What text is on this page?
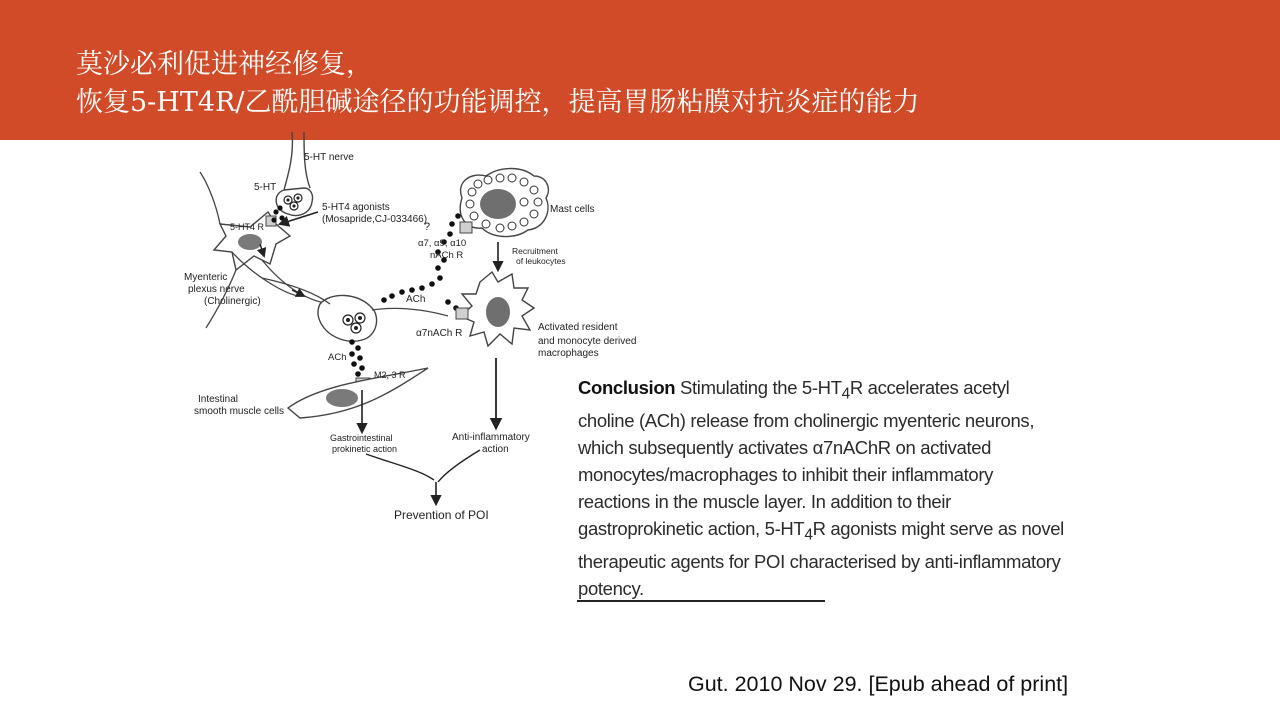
莫沙必利促进神经修复，
恢复5-HT4R/乙酰胆碱途径的功能调控，提高胃肠粘膜对抗炎症的能力
5-HT nerve
5-HT
5-HT4 agonists
(Mosapride,CJ-033466)
5-HT4 R
Myenteric
plexus nerve
(Cholinergic)	ACh
ACh
M2, 3 R
Intestinal
smooth muscle cells
Gastrointestinal
prokinetic action
?
α7, α9, α10
nACh R
Mast cells
Recruitment
of leukocytes
α7nACh R
Activated resident
and monocyte derived
macrophages
Anti-inflammatory
action
Prevention of POI

Conclusion Stimulating the $5-HT_4R$ accelerates acetyl choline (ACh) release from cholinergic myenteric neurons, which subsequently activates α7nAChR on activated monocytes/macrophages to inhibit their inflammatory reactions in the muscle layer. In addition to their gastroprokinetic action, $5-HT_4R$ agonists might serve as novel therapeutic agents for POI characterised by anti-inflammatory potency.

Gut. 2010 Nov 29. [Epub ahead of print]
